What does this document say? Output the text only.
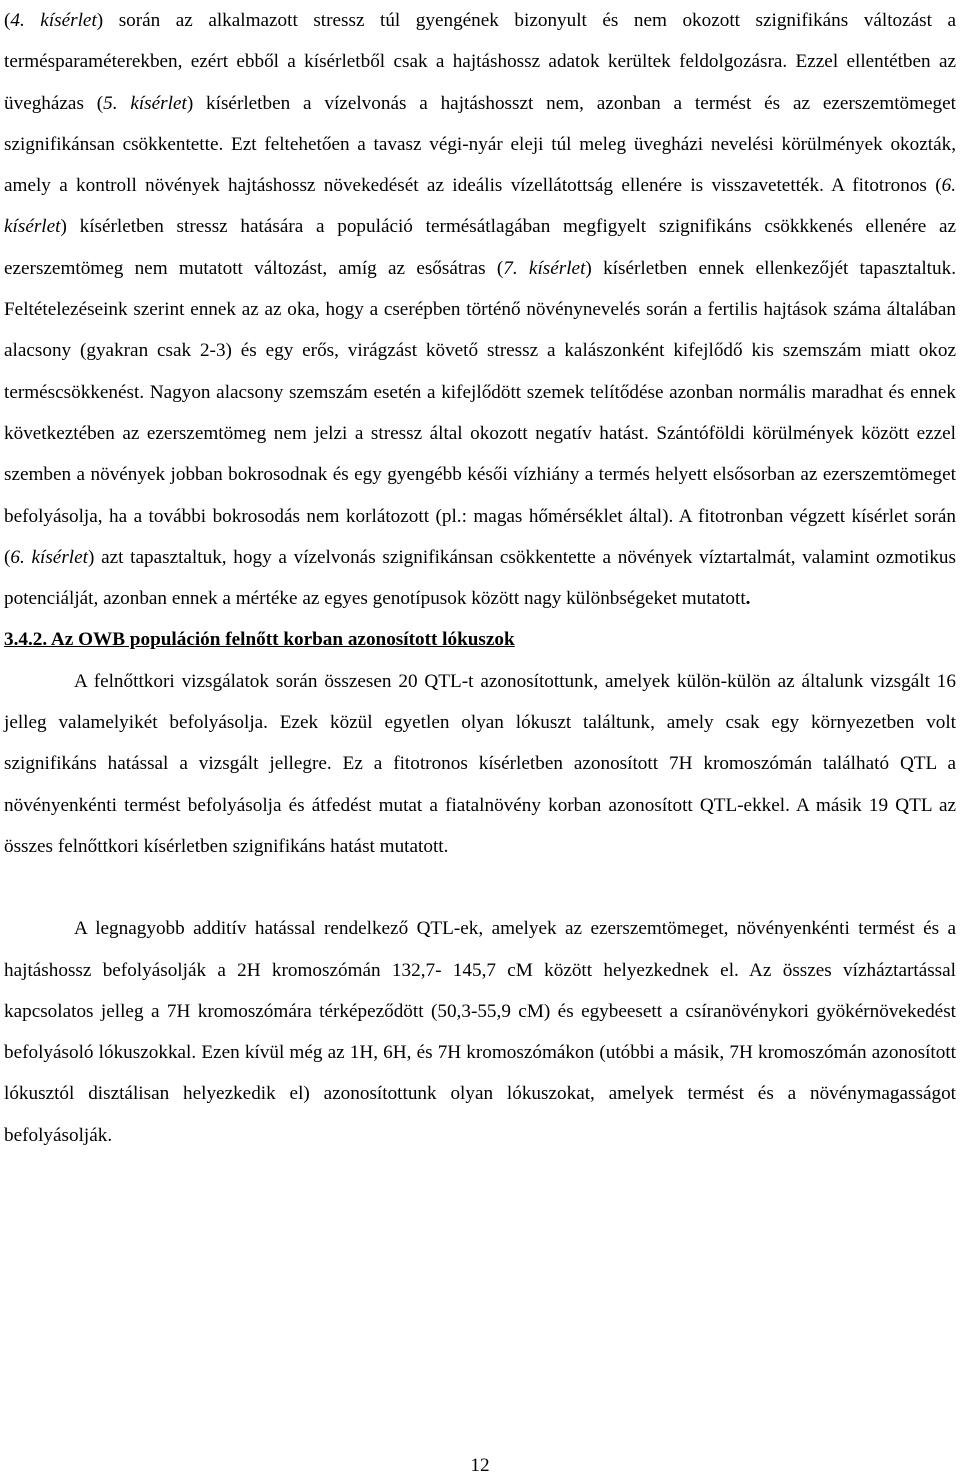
(4. kísérlet) során az alkalmazott stressz túl gyengének bizonyult és nem okozott szignifikáns változást a termésparaméterekben, ezért ebből a kísérletből csak a hajtáshossz adatok kerültek feldolgozásra. Ezzel ellentétben az üvegházas (5. kísérlet) kísérletben a vízelvonás a hajtáshosszt nem, azonban a termést és az ezerszemtömeget szignifikánsan csökkentette. Ezt feltehetően a tavasz végi-nyár eleji túl meleg üvegházi nevelési körülmények okozták, amely a kontroll növények hajtáshossz növekedését az ideális vízellátottság ellenére is visszavetették. A fitotronos (6. kísérlet) kísérletben stressz hatására a populáció termésátlagában megfigyelt szignifikáns csökkkenés ellenére az ezerszemtömeg nem mutatott változást, amíg az esősátras (7. kísérlet) kísérletben ennek ellenkezőjét tapasztaltuk. Feltételezéseink szerint ennek az az oka, hogy a cserépben történő növénynevelés során a fertilis hajtások száma általában alacsony (gyakran csak 2-3) és egy erős, virágzást követő stressz a kalászonként kifejlődő kis szemszám miatt okoz terméscsökkenést. Nagyon alacsony szemszám esetén a kifejlődött szemek telítődése azonban normális maradhat és ennek következtében az ezerszemtömeg nem jelzi a stressz által okozott negatív hatást. Szántóföldi körülmények között ezzel szemben a növények jobban bokrosodnak és egy gyengébb késői vízhiány a termés helyett elsősorban az ezerszemtömeget befolyásolja, ha a további bokrosodás nem korlátozott (pl.: magas hőmérséklet által). A fitotronban végzett kísérlet során (6. kísérlet) azt tapasztaltuk, hogy a vízelvonás szignifikánsan csökkentette a növények víztartalmát, valamint ozmotikus potenciálját, azonban ennek a mértéke az egyes genotípusok között nagy különbségeket mutatott.

3.4.2. Az OWB populáción felnőtt korban azonosított lókuszok

A felnőttkori vizsgálatok során összesen 20 QTL-t azonosítottunk, amelyek külön-külön az általunk vizsgált 16 jelleg valamelyikét befolyásolja. Ezek közül egyetlen olyan lókuszt találtunk, amely csak egy környezetben volt szignifikáns hatással a vizsgált jellegre. Ez a fitotronos kísérletben azonosított 7H kromoszómán található QTL a növényenkénti termést befolyásolja és átfedést mutat a fiatalnövény korban azonosított QTL-ekkel. A másik 19 QTL az összes felnőttkori kísérletben szignifikáns hatást mutatott.

A legnagyobb additív hatással rendelkező QTL-ek, amelyek az ezerszemtömeget, növényenkénti termést és a hajtáshossz befolyásolják a 2H kromoszómán 132,7- 145,7 cM között helyezkednek el. Az összes vízháztartással kapcsolatos jelleg a 7H kromoszómára térképeződött (50,3-55,9 cM) és egybeesett a csíranövénykori gyökérnövekedést befolyásoló lókuszokkal. Ezen kívül még az 1H, 6H, és 7H kromoszómákon (utóbbi a másik, 7H kromoszómán azonosított lókusztól disztálisan helyezkedik el) azonosítottunk olyan lókuszokat, amelyek termést és a növénymagasságot befolyásolják.

12
